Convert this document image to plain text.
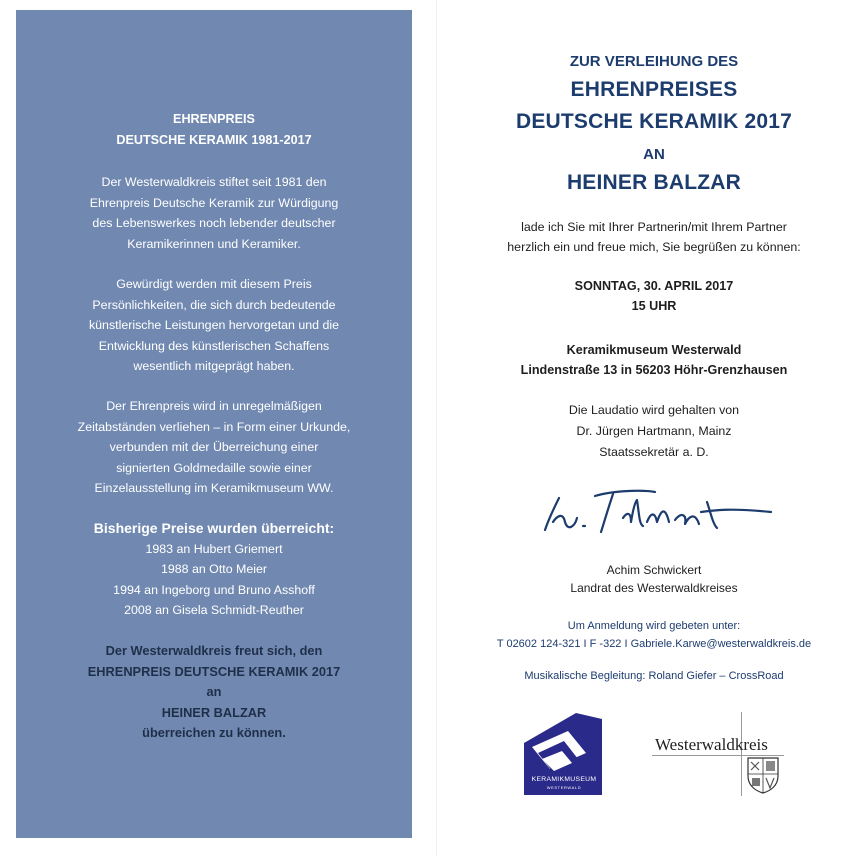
EHRENPREIS
DEUTSCHE KERAMIK 1981-2017
Der Westerwaldkreis stiftet seit 1981 den
Ehrenpreis Deutsche Keramik zur Würdigung
des Lebenswerkes noch lebender deutscher
Keramikerinnen und Keramiker.
Gewürdigt werden mit diesem Preis
Persönlichkeiten, die sich durch bedeutende
künstlerische Leistungen hervorgetan und die
Entwicklung des künstlerischen Schaffens
wesentlich mitgeprägt haben.
Der Ehrenpreis wird in unregelmäßigen
Zeitabständen verliehen – in Form einer Urkunde,
verbunden mit der Überreichung einer
signierten Goldmedaille sowie einer
Einzelausstellung im Keramikmuseum WW.
Bisherige Preise wurden überreicht:
1983 an Hubert Griemert
1988 an Otto Meier
1994 an Ingeborg und Bruno Asshoff
2008 an Gisela Schmidt-Reuther
Der Westerwaldkreis freut sich, den
EHRENPREIS DEUTSCHE KERAMIK 2017
an
HEINER BALZAR
überreichen zu können.
ZUR VERLEIHUNG DES
EHRENPREISES
DEUTSCHE KERAMIK 2017
AN
HEINER BALZAR
lade ich Sie mit Ihrer Partnerin/mit Ihrem Partner
herzlich ein und freue mich, Sie begrüßen zu können:
SONNTAG, 30. APRIL 2017
15 UHR
Keramikmuseum Westerwald
Lindenstraße 13 in 56203 Höhr-Grenzhausen
Die Laudatio wird gehalten von
Dr. Jürgen Hartmann, Mainz
Staatssekretär a. D.
Achim Schwickert
Landrat des Westerwaldkreises
Um Anmeldung wird gebeten unter:
T 02602 124-321 I F -322 I Gabriele.Karwe@westerwaldkreis.de
Musikalische Begleitung: Roland Giefer – CrossRoad
KERAMIKMUSEUM
WESTERWALD
Westerwaldkreis
